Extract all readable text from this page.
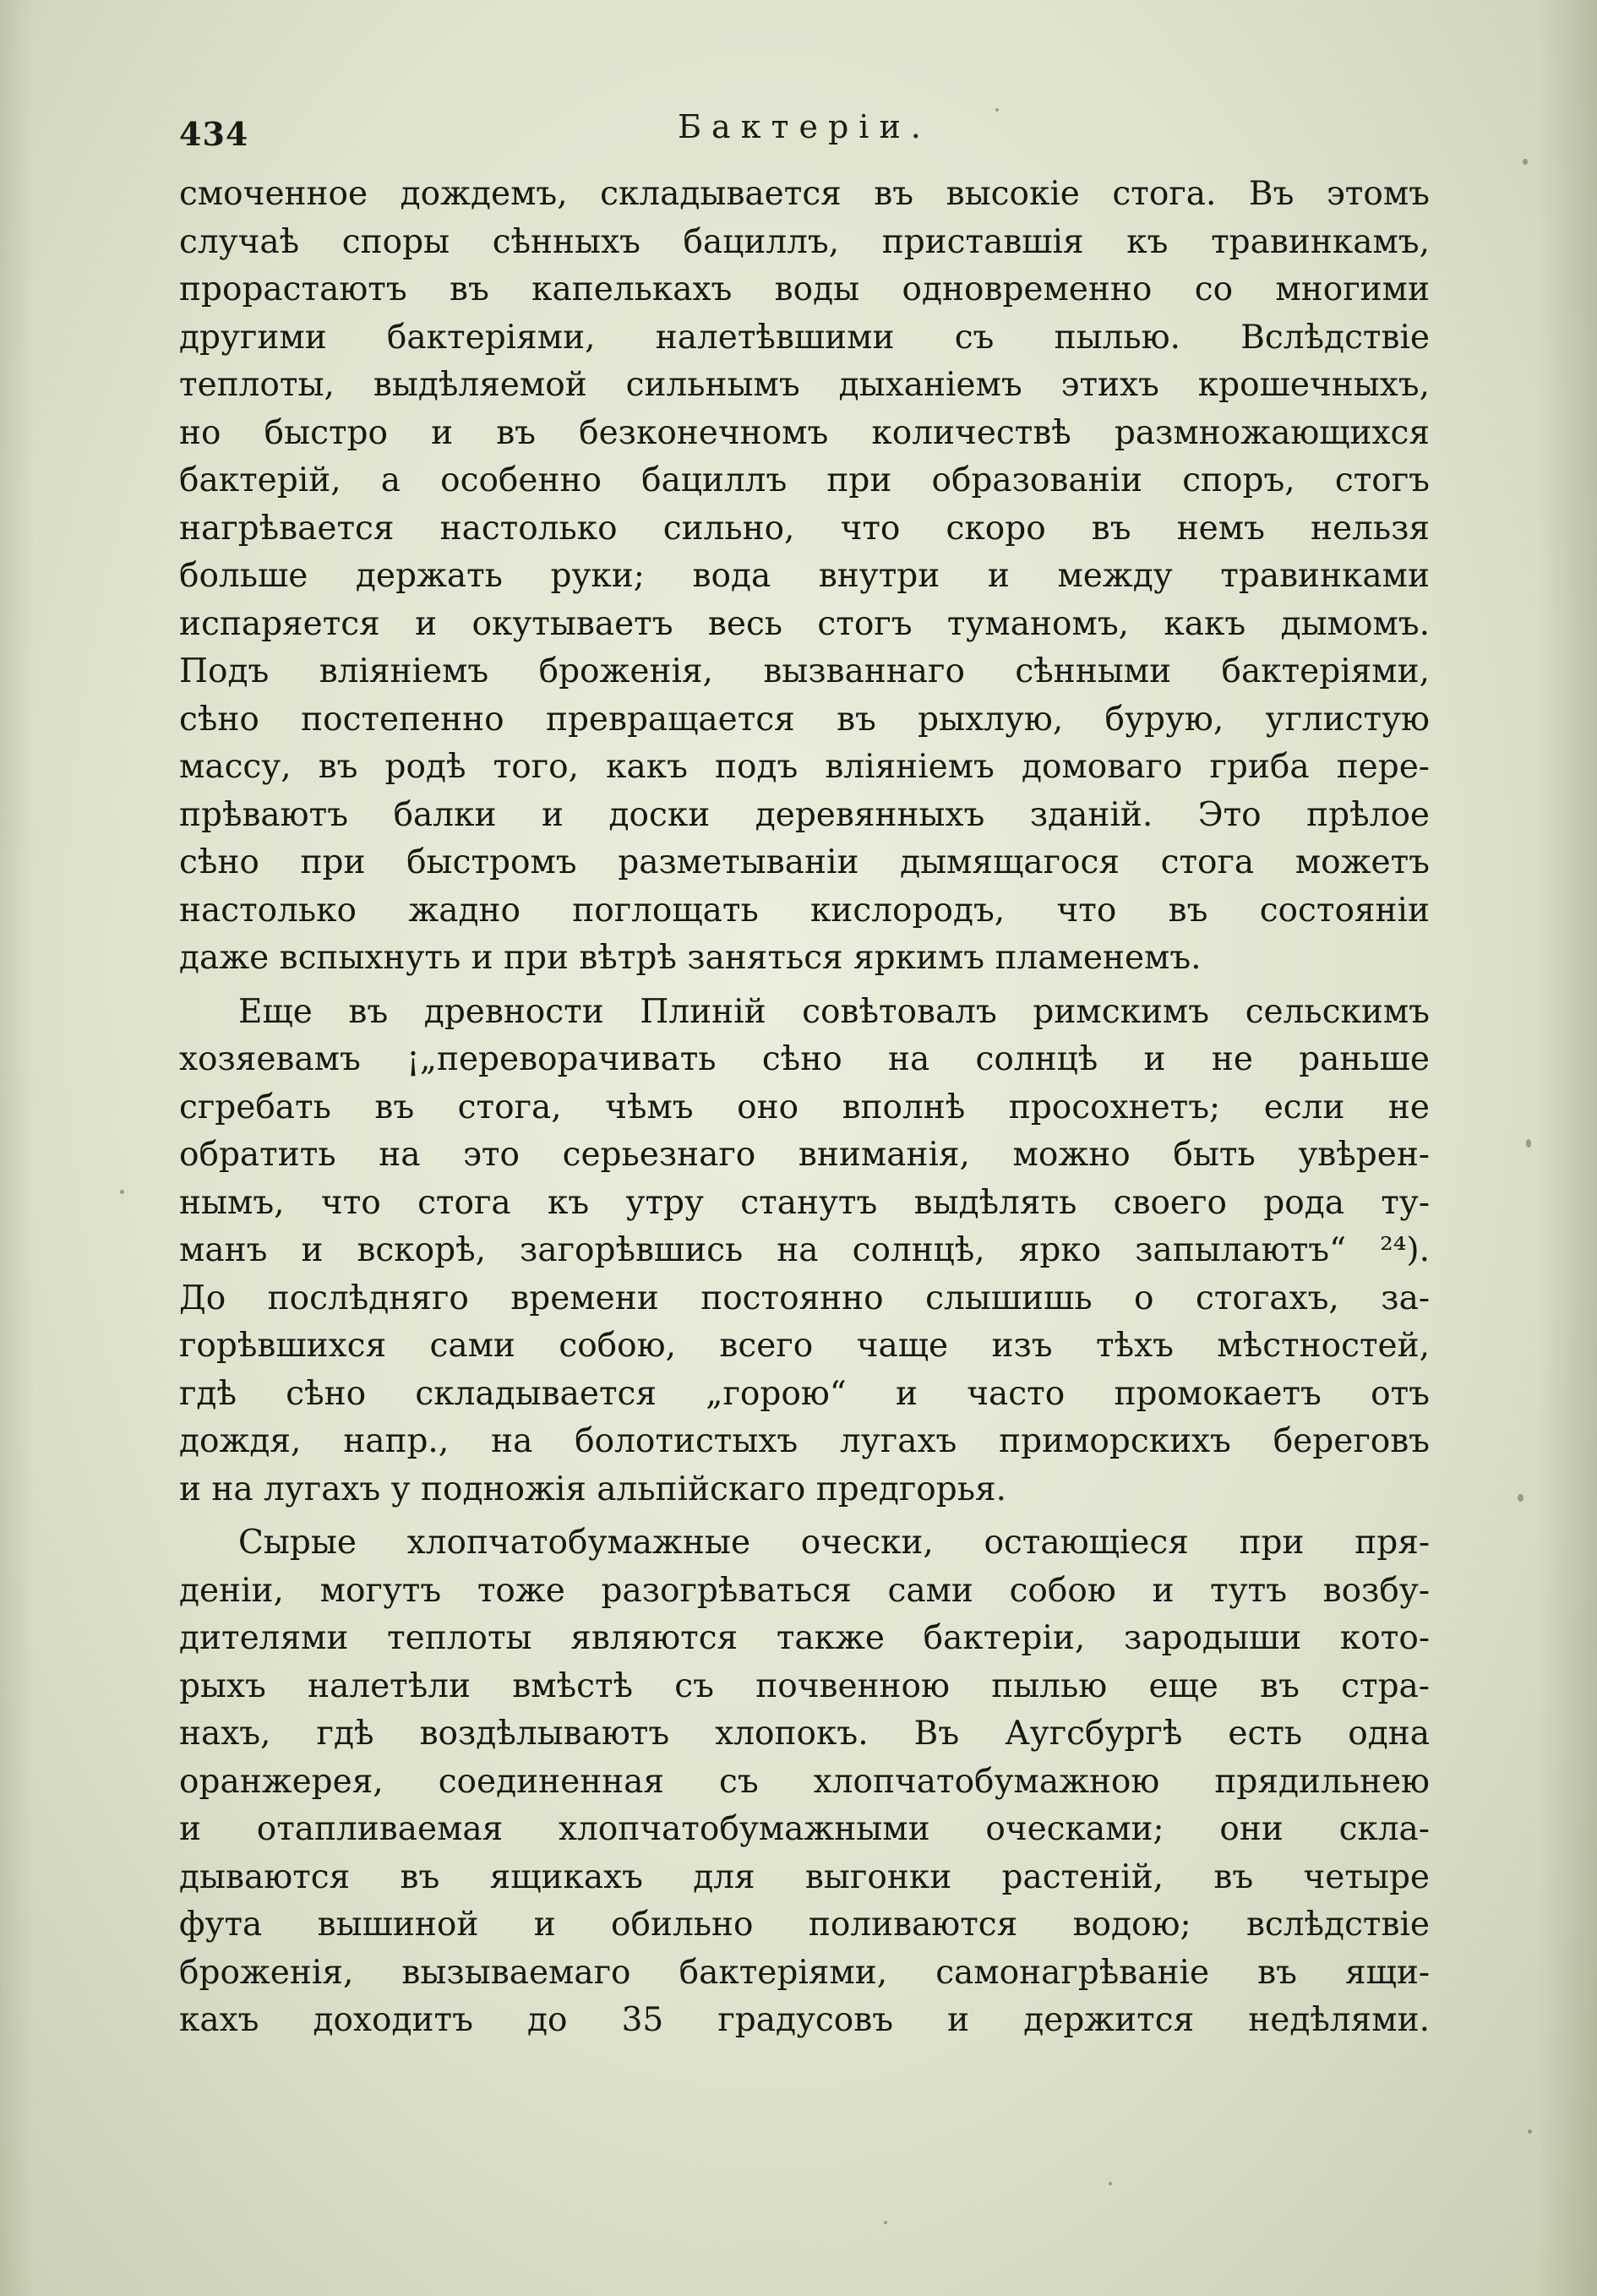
434	Бактеріи.
смоченное дождемъ, складывается въ высокіе стога. Въ этомъ
случаѣ споры сѣнныхъ бациллъ, приставшія къ травинкамъ,
прорастаютъ въ капелькахъ воды одновременно со многими
другими бактеріями, налетѣвшими съ пылью. Вслѣдствіе
теплоты, выдѣляемой сильнымъ дыханіемъ этихъ крошечныхъ,
но быстро и въ безконечномъ количествѣ размножающихся
бактерій, а особенно бациллъ при образованіи споръ, стогъ
нагрѣвается настолько сильно, что скоро въ немъ нельзя
больше держать руки; вода внутри и между травинками
испаряется и окутываетъ весь стогъ туманомъ, какъ дымомъ.
Подъ вліяніемъ броженія, вызваннаго сѣнными бактеріями,
сѣно постепенно превращается въ рыхлую, бурую, углистую
массу, въ родѣ того, какъ подъ вліяніемъ домоваго гриба пере-
прѣваютъ балки и доски деревянныхъ зданій. Это прѣлое
сѣно при быстромъ разметываніи дымящагося стога можетъ
настолько жадно поглощать кислородъ, что въ состояніи
даже вспыхнуть и при вѣтрѣ заняться яркимъ пламенемъ.
Еще въ древности Плиній совѣтовалъ римскимъ сельскимъ
хозяевамъ ¡„переворачивать сѣно на солнцѣ и не раньше
сгребать въ стога, чѣмъ оно вполнѣ просохнетъ; если не
обратить на это серьезнаго вниманія, можно быть увѣрен-
нымъ, что стога къ утру станутъ выдѣлять своего рода ту-
манъ и вскорѣ, загорѣвшись на солнцѣ, ярко запылаютъ“ ²⁴).
До послѣдняго времени постоянно слышишь о стогахъ, за-
горѣвшихся сами собою, всего чаще изъ тѣхъ мѣстностей,
гдѣ сѣно складывается „горою“ и часто промокаетъ отъ
дождя, напр., на болотистыхъ лугахъ приморскихъ береговъ
и на лугахъ у подножія альпійскаго предгорья.
Сырые хлопчатобумажные очески, остающіеся при пря-
деніи, могутъ тоже разогрѣваться сами собою и тутъ возбу-
дителями теплоты являются также бактеріи, зародыши кото-
рыхъ налетѣли вмѣстѣ съ почвенною пылью еще въ стра-
нахъ, гдѣ воздѣлываютъ хлопокъ. Въ Аугсбургѣ есть одна
оранжерея, соединенная съ хлопчатобумажною прядильнею
и отапливаемая хлопчатобумажными оческами; они скла-
дываются въ ящикахъ для выгонки растеній, въ четыре
фута вышиной и обильно поливаются водою; вслѣдствіе
броженія, вызываемаго бактеріями, самонагрѣваніе въ ящи-
кахъ доходитъ до 35 градусовъ и держится недѣлями.
